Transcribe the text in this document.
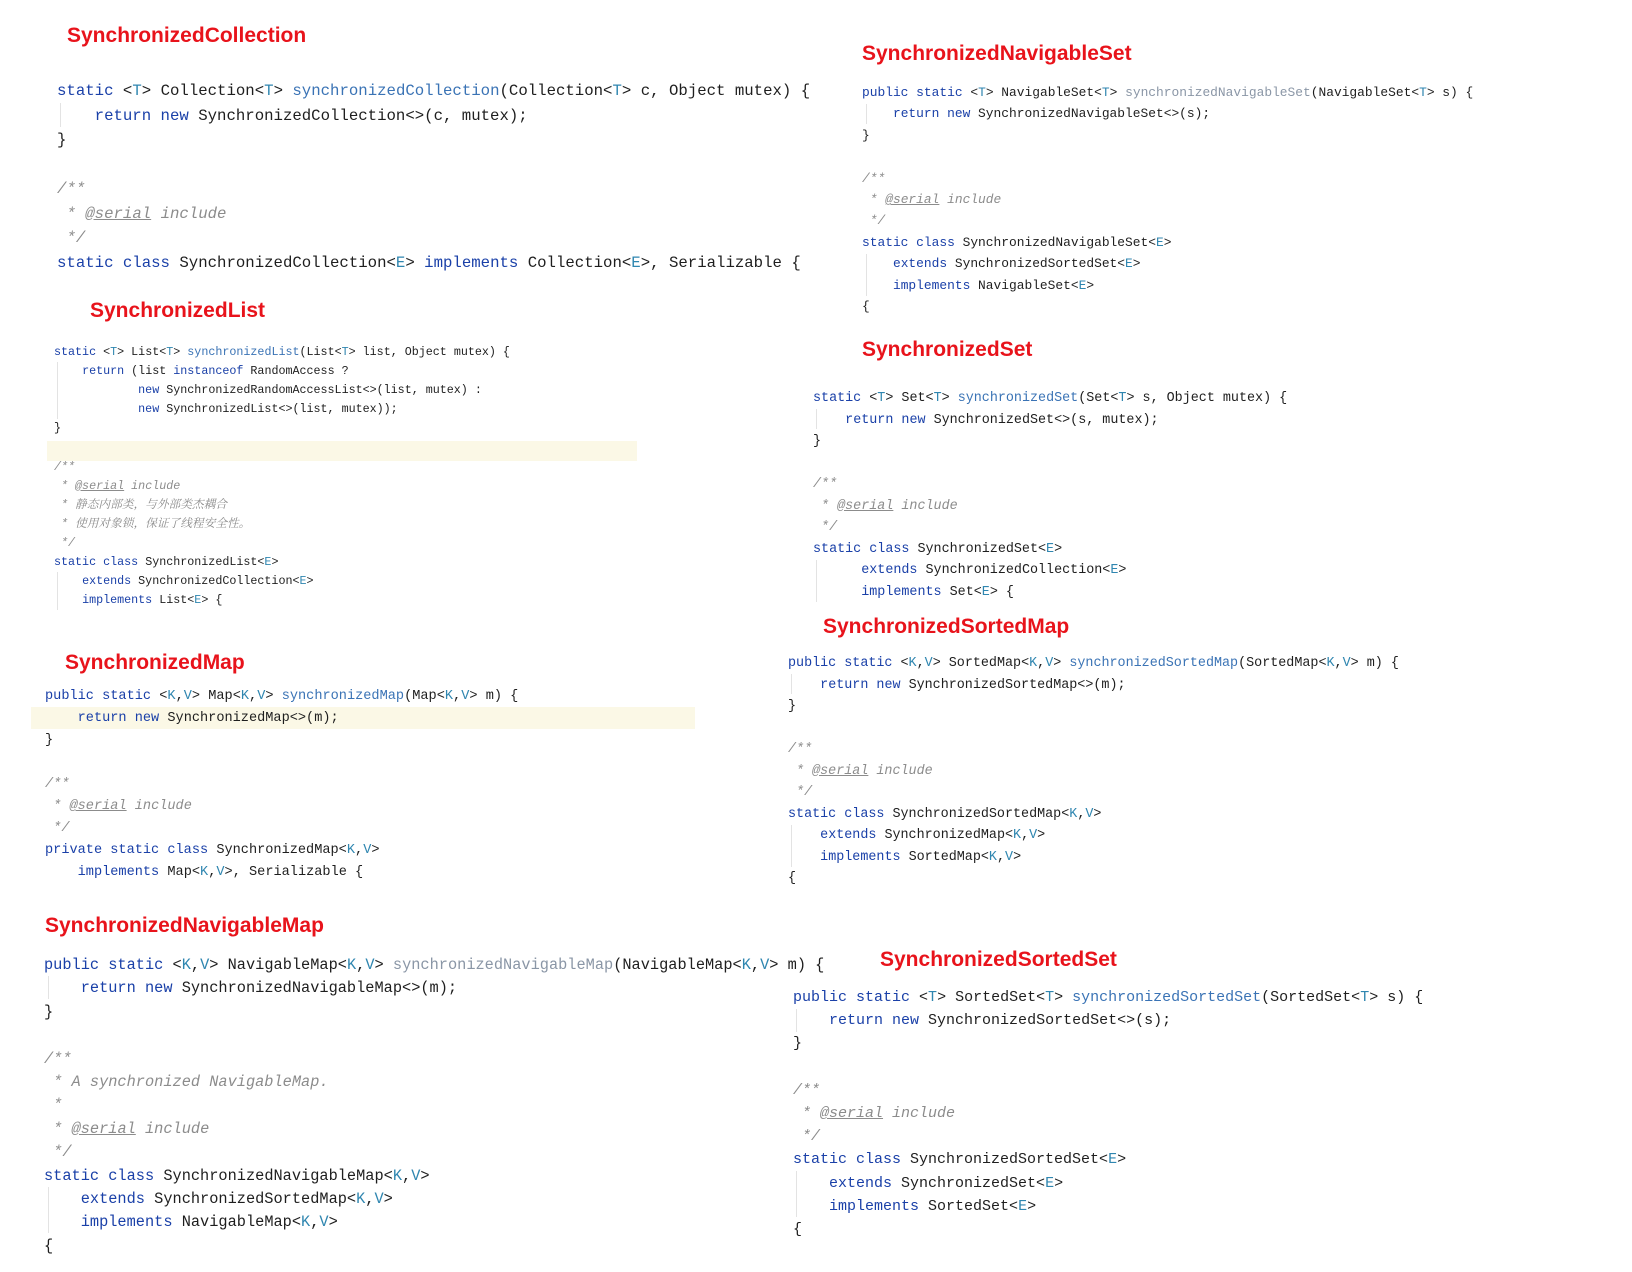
SynchronizedCollection
SynchronizedNavigableSet
SynchronizedList
SynchronizedSet
SynchronizedMap
SynchronizedSortedMap
SynchronizedNavigableMap
SynchronizedSortedSet
static <T> Collection<T> synchronizedCollection(Collection<T> c, Object mutex) {
return new SynchronizedCollection<>(c, mutex);
}

/**
* @serial include
*/
static class SynchronizedCollection<E> implements Collection<E>, Serializable {
public static <T> NavigableSet<T> synchronizedNavigableSet(NavigableSet<T> s) {
return new SynchronizedNavigableSet<>(s);
}

/**
* @serial include
*/
static class SynchronizedNavigableSet<E>
extends SynchronizedSortedSet<E>
implements NavigableSet<E>
{
static <T> List<T> synchronizedList(List<T> list, Object mutex) {
return (list instanceof RandomAccess ?
new SynchronizedRandomAccessList<>(list, mutex) :
new SynchronizedList<>(list, mutex));
}

/**
* @serial include
* 静态内部类，与外部类杰耦合
* 使用对象锁，保证了线程安全性。
*/
static class SynchronizedList<E>
extends SynchronizedCollection<E>
implements List<E> {
static <T> Set<T> synchronizedSet(Set<T> s, Object mutex) {
return new SynchronizedSet<>(s, mutex);
}

/**
* @serial include
*/
static class SynchronizedSet<E>
extends SynchronizedCollection<E>
implements Set<E> {
public static <K,V> Map<K,V> synchronizedMap(Map<K,V> m) {
return new SynchronizedMap<>(m);
}

/**
* @serial include
*/
private static class SynchronizedMap<K,V>
implements Map<K,V>, Serializable {
public static <K,V> SortedMap<K,V> synchronizedSortedMap(SortedMap<K,V> m) {
return new SynchronizedSortedMap<>(m);
}

/**
* @serial include
*/
static class SynchronizedSortedMap<K,V>
extends SynchronizedMap<K,V>
implements SortedMap<K,V>
{
public static <K,V> NavigableMap<K,V> synchronizedNavigableMap(NavigableMap<K,V> m) {
return new SynchronizedNavigableMap<>(m);
}

/**
* A synchronized NavigableMap.
*
* @serial include
*/
static class SynchronizedNavigableMap<K,V>
extends SynchronizedSortedMap<K,V>
implements NavigableMap<K,V>
{
public static <T> SortedSet<T> synchronizedSortedSet(SortedSet<T> s) {
return new SynchronizedSortedSet<>(s);
}

/**
* @serial include
*/
static class SynchronizedSortedSet<E>
extends SynchronizedSet<E>
implements SortedSet<E>
{
